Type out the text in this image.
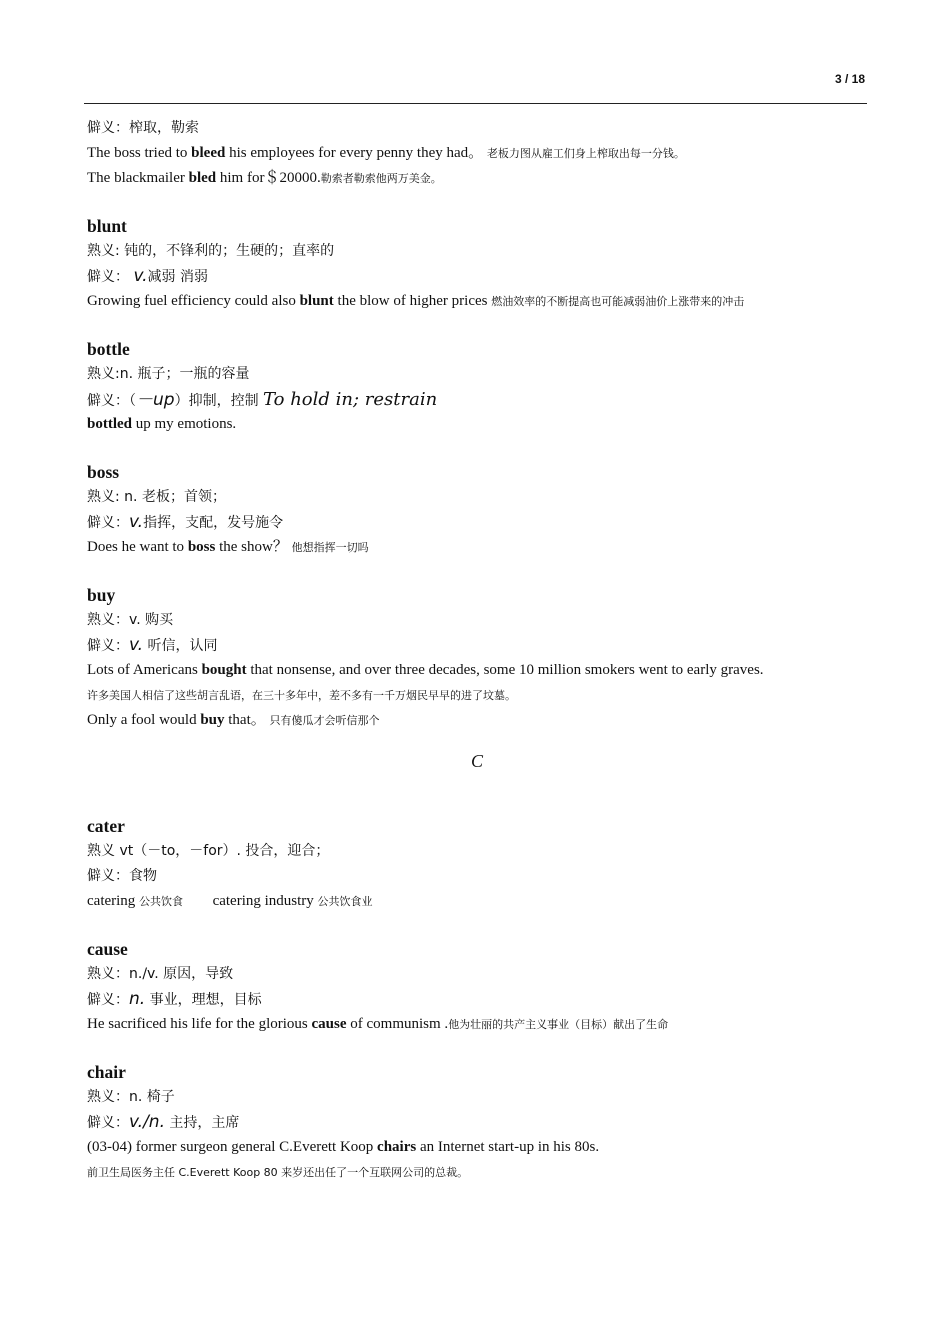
3 / 18
僻义：榨取，勒索
The boss tried to bleed his employees for every penny they had。 老板力图从雇工们身上榨取出每一分钱。
The blackmailer bled him for＄20000.勒索者勒索他两万美金。
blunt
熟义: 钝的，不锋利的；生硬的；直率的
僻义： v.减弱 消弱
Growing fuel efficiency could also blunt the blow of higher prices 燃油效率的不断提高也可能减弱油价上涨带来的冲击
bottle
熟义:n. 瓶子；一瓶的容量
僻义：（－up）抑制，控制 To hold in; restrain
bottled up my emotions.
boss
熟义: n. 老板；首领；
僻义：v.指挥，支配，发号施令
Does he want to boss the show？ 他想指挥一切吗
buy
熟义：v. 购买
僻义：v. 听信，认同
Lots of Americans bought that nonsense, and over three decades, some 10 million smokers went to early graves.
许多美国人相信了这些胡言乱语，在三十多年中，差不多有一千万烟民早早的进了坟墓。
Only a fool would buy that。 只有傻瓜才会听信那个
C
cater
熟义 vt（－to，－for）. 投合，迎合；
僻义：食物
catering 公共饮食 catering industry 公共饮食业
cause
熟义：n./v. 原因，导致
僻义：n. 事业，理想，目标
He sacrificed his life for the glorious cause of communism .他为壮丽的共产主义事业（目标）献出了生命
chair
熟义：n. 椅子
僻义：v./n. 主持，主席
(03-04) former surgeon general C.Everett Koop chairs an Internet start-up in his 80s.
前卫生局医务主任 C.Everett Koop 80 来岁还出任了一个互联网公司的总裁。
